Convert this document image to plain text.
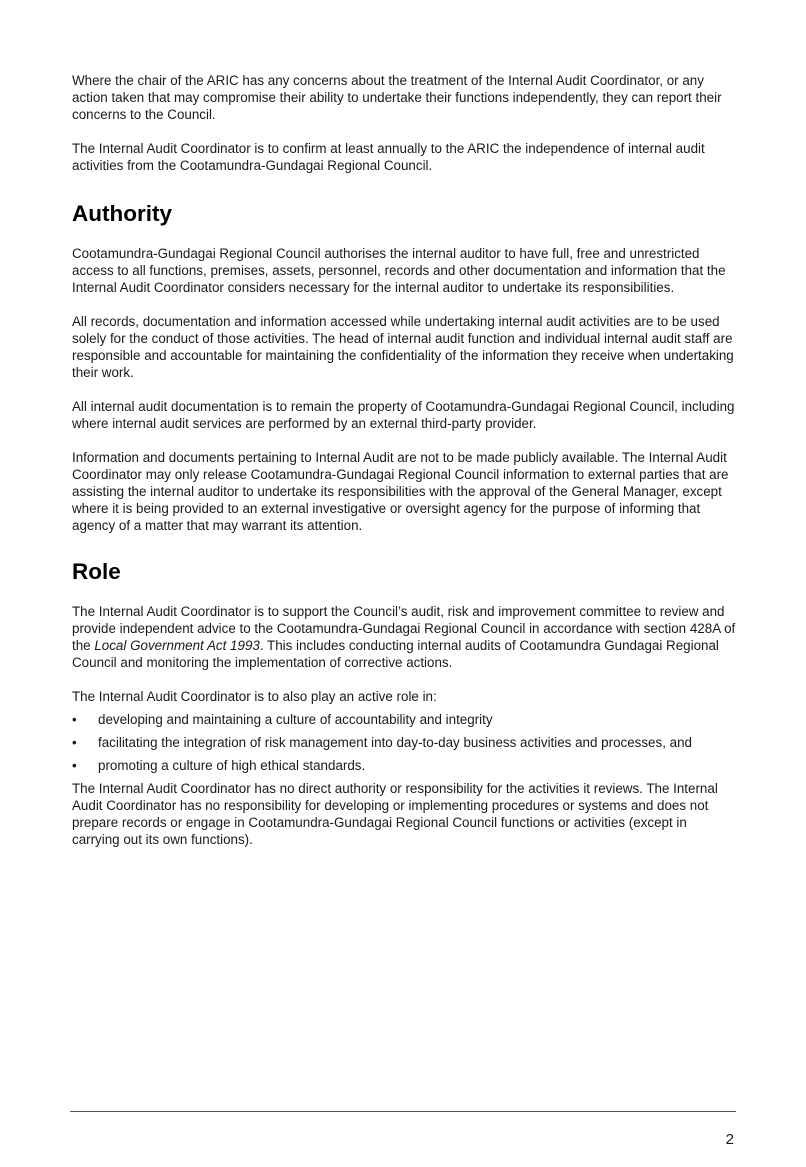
Where the chair of the ARIC has any concerns about the treatment of the Internal Audit Coordinator, or any action taken that may compromise their ability to undertake their functions independently, they can report their concerns to the Council.

The Internal Audit Coordinator is to confirm at least annually to the ARIC the independence of internal audit activities from the Cootamundra-Gundagai Regional Council.

Authority

Cootamundra-Gundagai Regional Council authorises the internal auditor to have full, free and unrestricted access to all functions, premises, assets, personnel, records and other documentation and information that the Internal Audit Coordinator considers necessary for the internal auditor to undertake its responsibilities.

All records, documentation and information accessed while undertaking internal audit activities are to be used solely for the conduct of those activities. The head of internal audit function and individual internal audit staff are responsible and accountable for maintaining the confidentiality of the information they receive when undertaking their work.

All internal audit documentation is to remain the property of Cootamundra-Gundagai Regional Council, including where internal audit services are performed by an external third-party provider.

Information and documents pertaining to Internal Audit are not to be made publicly available. The Internal Audit Coordinator may only release Cootamundra-Gundagai Regional Council information to external parties that are assisting the internal auditor to undertake its responsibilities with the approval of the General Manager, except where it is being provided to an external investigative or oversight agency for the purpose of informing that agency of a matter that may warrant its attention.

Role

The Internal Audit Coordinator is to support the Council’s audit, risk and improvement committee to review and provide independent advice to the Cootamundra-Gundagai Regional Council in accordance with section 428A of the Local Government Act 1993. This includes conducting internal audits of Cootamundra Gundagai Regional Council and monitoring the implementation of corrective actions.

The Internal Audit Coordinator is to also play an active role in:

• developing and maintaining a culture of accountability and integrity
• facilitating the integration of risk management into day-to-day business activities and processes, and
• promoting a culture of high ethical standards.

The Internal Audit Coordinator has no direct authority or responsibility for the activities it reviews. The Internal Audit Coordinator has no responsibility for developing or implementing procedures or systems and does not prepare records or engage in Cootamundra-Gundagai Regional Council functions or activities (except in carrying out its own functions).

2
